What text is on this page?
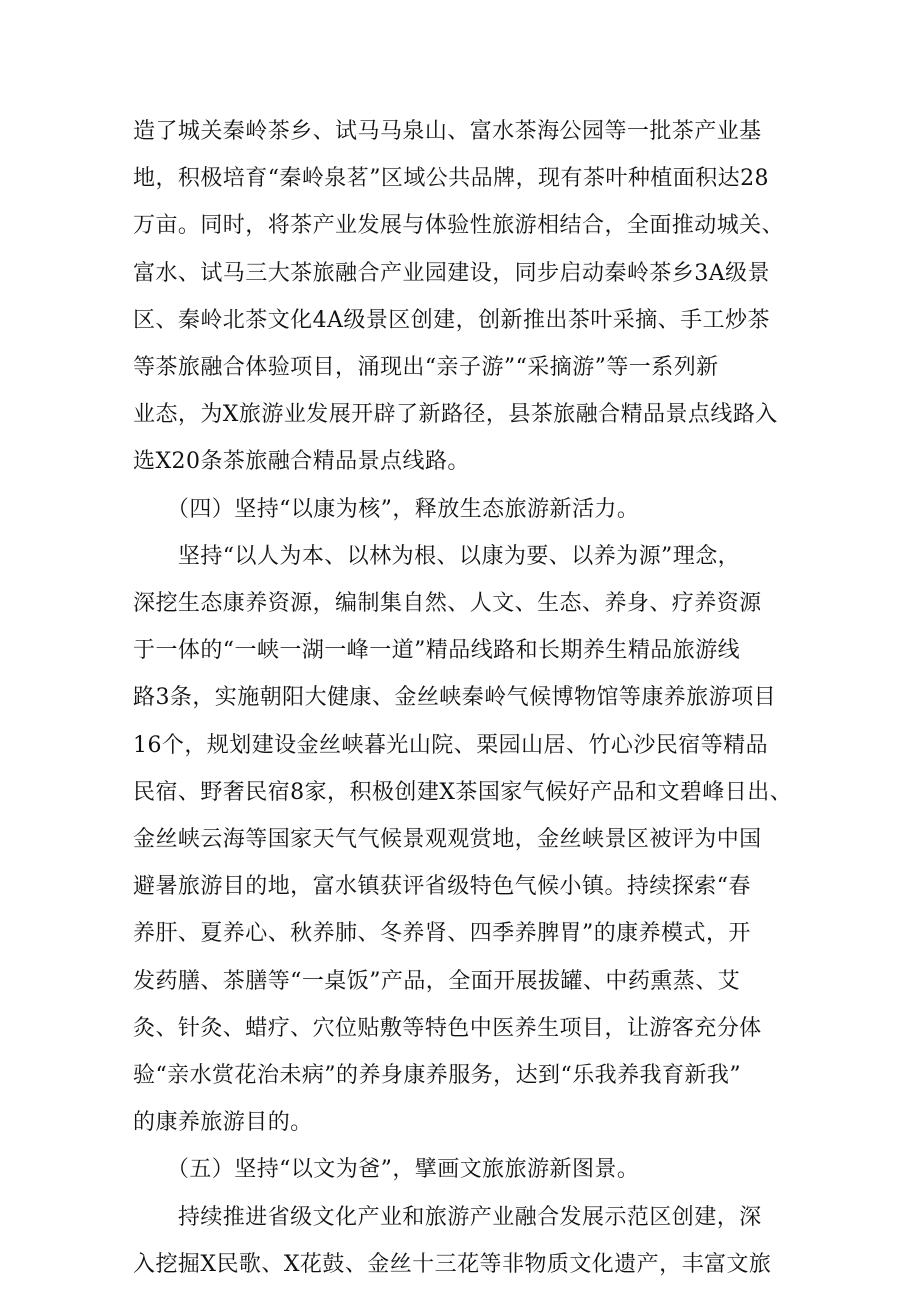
造了城关秦岭茶乡、试马马泉山、富水茶海公园等一批茶产业基
地，积极培育“秦岭泉茗”区域公共品牌，现有茶叶种植面积达28
万亩。同时，将茶产业发展与体验性旅游相结合，全面推动城关、
富水、试马三大茶旅融合产业园建设，同步启动秦岭茶乡3A级景
区、秦岭北茶文化4A级景区创建，创新推出茶叶采摘、手工炒茶
等茶旅融合体验项目，涌现出“亲子游”“采摘游”等一系列新
业态，为X旅游业发展开辟了新路径，县茶旅融合精品景点线路入
选X20条茶旅融合精品景点线路。
　　（四）坚持“以康为核”，释放生态旅游新活力。
　　坚持“以人为本、以林为根、以康为要、以养为源”理念，
深挖生态康养资源，编制集自然、人文、生态、养身、疗养资源
于一体的“一峡一湖一峰一道”精品线路和长期养生精品旅游线
路3条，实施朝阳大健康、金丝峡秦岭气候博物馆等康养旅游项目
16个，规划建设金丝峡暮光山院、栗园山居、竹心沙民宿等精品
民宿、野奢民宿8家，积极创建X茶国家气候好产品和文碧峰日出、
金丝峡云海等国家天气气候景观观赏地，金丝峡景区被评为中国
避暑旅游目的地，富水镇获评省级特色气候小镇。持续探索“春
养肝、夏养心、秋养肺、冬养肾、四季养脾胃”的康养模式，开
发药膳、茶膳等“一桌饭”产品，全面开展拔罐、中药熏蒸、艾
灸、针灸、蜡疗、穴位贴敷等特色中医养生项目，让游客充分体
验“亲水赏花治未病”的养身康养服务，达到“乐我养我育新我”
的康养旅游目的。
　　（五）坚持“以文为爸”，擘画文旅旅游新图景。
　　持续推进省级文化产业和旅游产业融合发展示范区创建，深
入挖掘X民歌、X花鼓、金丝十三花等非物质文化遗产，丰富文旅
